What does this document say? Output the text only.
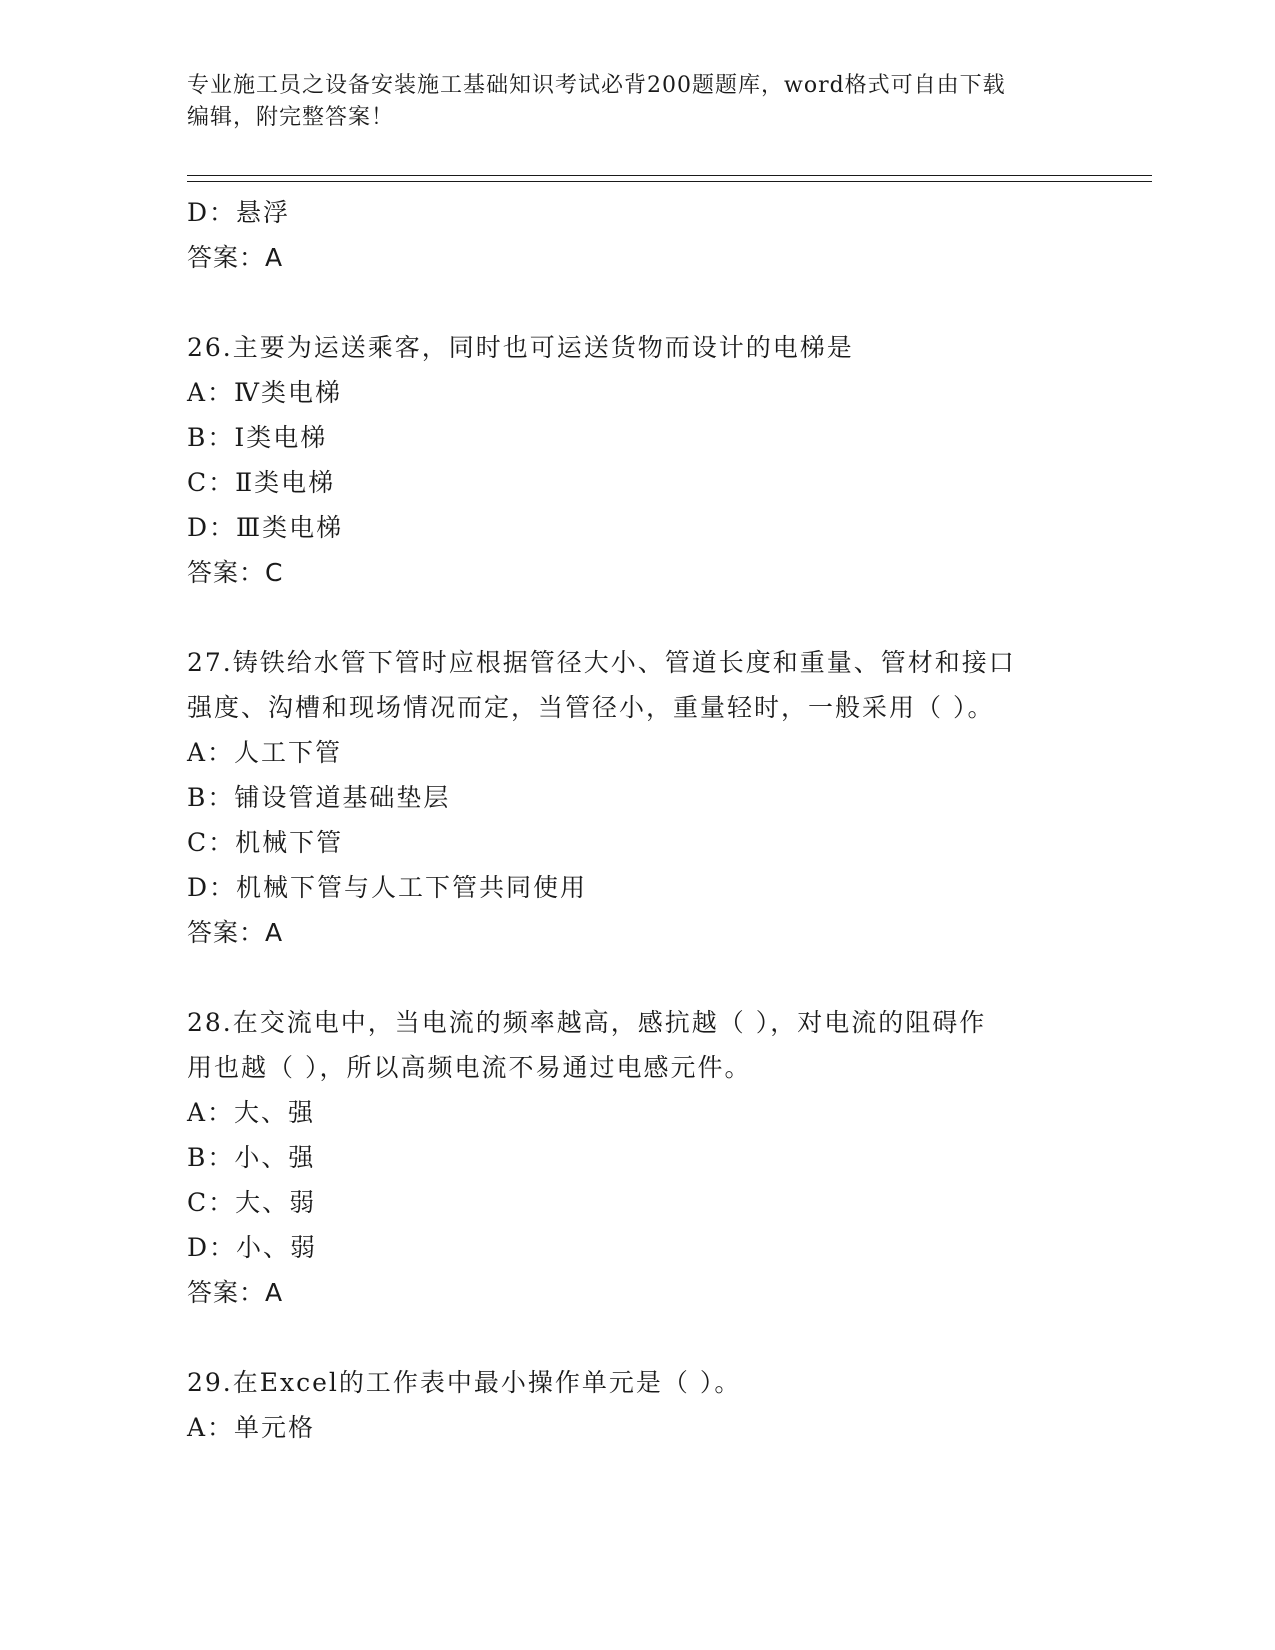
专业施工员之设备安装施工基础知识考试必背200题题库，word格式可自由下载
编辑，附完整答案！
D：悬浮
答案：A
26.主要为运送乘客，同时也可运送货物而设计的电梯是
A：Ⅳ类电梯
B：Ⅰ类电梯
C：Ⅱ类电梯
D：Ⅲ类电梯
答案：C
27.铸铁给水管下管时应根据管径大小、管道长度和重量、管材和接口
强度、沟槽和现场情况而定，当管径小，重量轻时，一般采用（ ）。
A：人工下管
B：铺设管道基础垫层
C：机械下管
D：机械下管与人工下管共同使用
答案：A
28.在交流电中，当电流的频率越高，感抗越（ ），对电流的阻碍作
用也越（ ），所以高频电流不易通过电感元件。
A：大、强
B：小、强
C：大、弱
D：小、弱
答案：A
29.在Excel的工作表中最小操作单元是（ ）。
A：单元格
